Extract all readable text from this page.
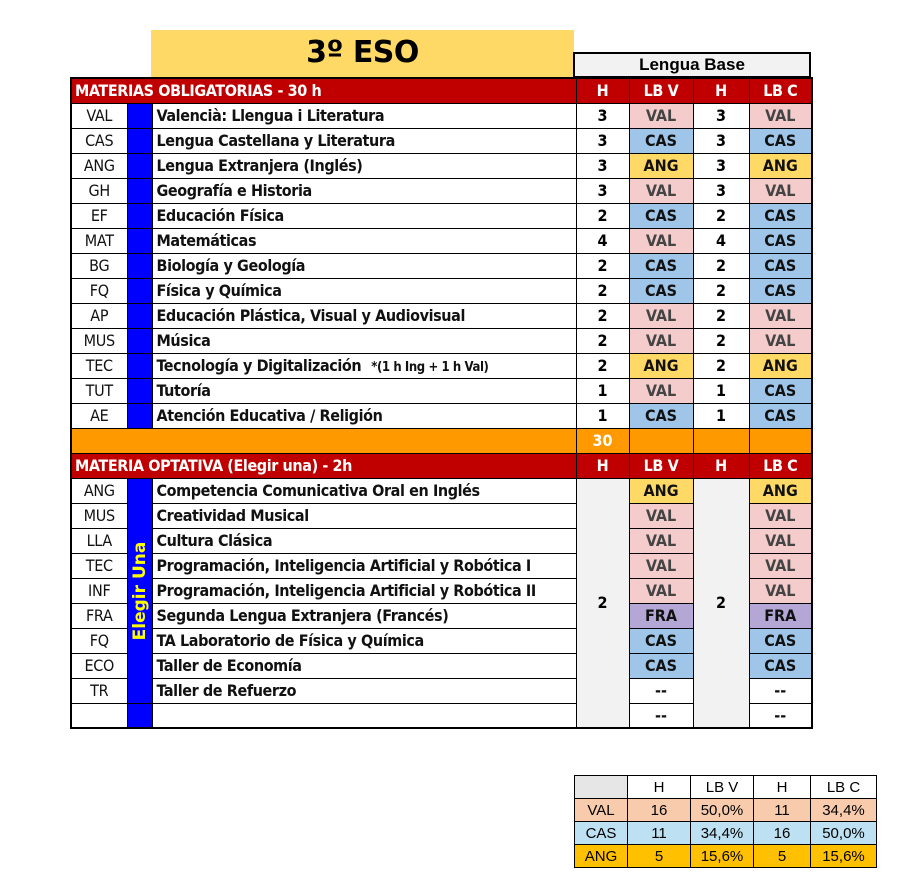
3º ESO	Lengua Base
MATERIAS OBLIGATORIAS - 30 h			H	LB V	H	LB C
VAL		Valencià: Llengua i Literatura	3	VAL	3	VAL
CAS		Lengua Castellana y Literatura	3	CAS	3	CAS
ANG		Lengua Extranjera (Inglés)	3	ANG	3	ANG
GH		Geografía e Historia	3	VAL	3	VAL
EF		Educación Física	2	CAS	2	CAS
MAT		Matemáticas	4	VAL	4	CAS
BG		Biología y Geología	2	CAS	2	CAS
FQ		Física y Química	2	CAS	2	CAS
AP		Educación Plástica, Visual y Audiovisual	2	VAL	2	VAL
MUS		Música	2	VAL	2	VAL
TEC		Tecnología y Digitalización *(1 h Ing + 1 h Val)	2	ANG	2	ANG
TUT		Tutoría	1	VAL	1	CAS
AE		Atención Educativa / Religión	1	CAS	1	CAS
			30			
MATERIA OPTATIVA (Elegir una) - 2h			H	LB V	H	LB C
ANG	Elegir Una	Competencia Comunicativa Oral en Inglés	2	ANG	2	ANG
MUS		Creatividad Musical		VAL		VAL
LLA		Cultura Clásica		VAL		VAL
TEC		Programación, Inteligencia Artificial y Robótica I		VAL		VAL
INF		Programación, Inteligencia Artificial y Robótica II		VAL		VAL
FRA		Segunda Lengua Extranjera (Francés)		FRA		FRA
FQ		TA Laboratorio de Física y Química		CAS		CAS
ECO		Taller de Economía		CAS		CAS
TR		Taller de Refuerzo		--		--
				--		--
	H	LB V	H	LB C
VAL	16	50,0%	11	34,4%
CAS	11	34,4%	16	50,0%
ANG	5	15,6%	5	15,6%
